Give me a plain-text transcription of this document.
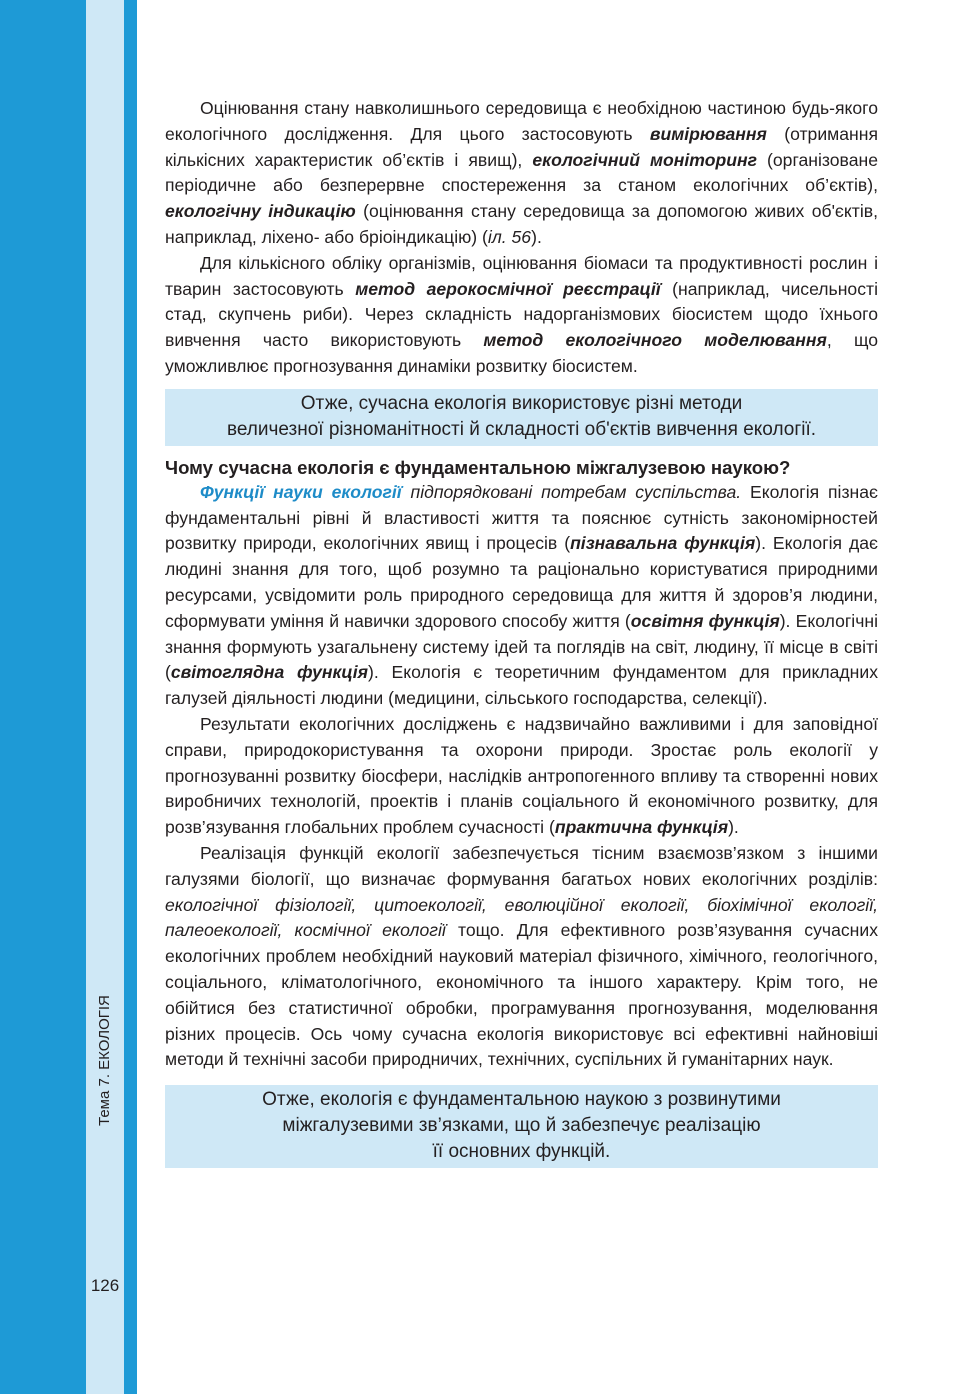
Тема 7. ЕКОЛОГІЯ
126

Оцінювання стану навколишнього середовища є необхідною частиною будь-якого екологічного дослідження. Для цього застосовують вимірювання (отримання кількісних характеристик об’єктів і явищ), екологічний моніторинг (організоване періодичне або безперервне спостереження за станом екологічних об’єктів), екологічну індикацію (оцінювання стану середовища за допомогою живих об'єктів, наприклад, ліхено- або бріоіндикацію) (іл. 56).

Для кількісного обліку організмів, оцінювання біомаси та продуктивності рослин і тварин застосовують метод аерокосмічної реєстрації (наприклад, чисельності стад, скупчень риби). Через складність надорганізмових біосистем щодо їхнього вивчення часто використовують метод екологічного моделювання, що уможливлює прогнозування динаміки розвитку біосистем.

Отже, сучасна екологія використовує різні методи
величезної різноманітності й складності об'єктів вивчення екології.
Чому сучасна екологія є фундаментальною міжгалузевою наукою?

Функції науки екології підпорядковані потребам суспільства. Екологія пізнає фундаментальні рівні й властивості життя та пояснює сутність закономірностей розвитку природи, екологічних явищ і процесів (пізнавальна функція). Екологія дає людині знання для того, щоб розумно та раціонально користуватися природними ресурсами, усвідомити роль природного середовища для життя й здоров’я людини, сформувати уміння й навички здорового способу життя (освітня функція). Екологічні знання формують узагальнену систему ідей та поглядів на світ, людину, її місце в світі (світоглядна функція). Екологія є теоретичним фундаментом для прикладних галузей діяльності людини (медицини, сільського господарства, селекції).

Результати екологічних досліджень є надзвичайно важливими і для заповідної справи, природокористування та охорони природи. Зростає роль екології у прогнозуванні розвитку біосфери, наслідків антропогенного впливу та створенні нових виробничих технологій, проектів і планів соціального й економічного розвитку, для розв’язування глобальних проблем сучасності (практична функція).

Реалізація функцій екології забезпечується тісним взаємозв’язком з іншими галузями біології, що визначає формування багатьох нових екологічних розділів: екологічної фізіології, цитоекології, еволюційної екології, біохімічної екології, палеоекології, космічної екології тощо. Для ефективного розв’язування сучасних екологічних проблем необхідний науковий матеріал фізичного, хімічного, геологічного, соціального, кліматологічного, економічного та іншого характеру. Крім того, не обійтися без статистичної обробки, програмування прогнозування, моделювання різних процесів. Ось чому сучасна екологія використовує всі ефективні найновіші методи й технічні засоби природничих, технічних, суспільних й гуманітарних наук.

Отже, екологія є фундаментальною наукою з розвинутими
міжгалузевими зв’язками, що й забезпечує реалізацію
її основних функцій.
